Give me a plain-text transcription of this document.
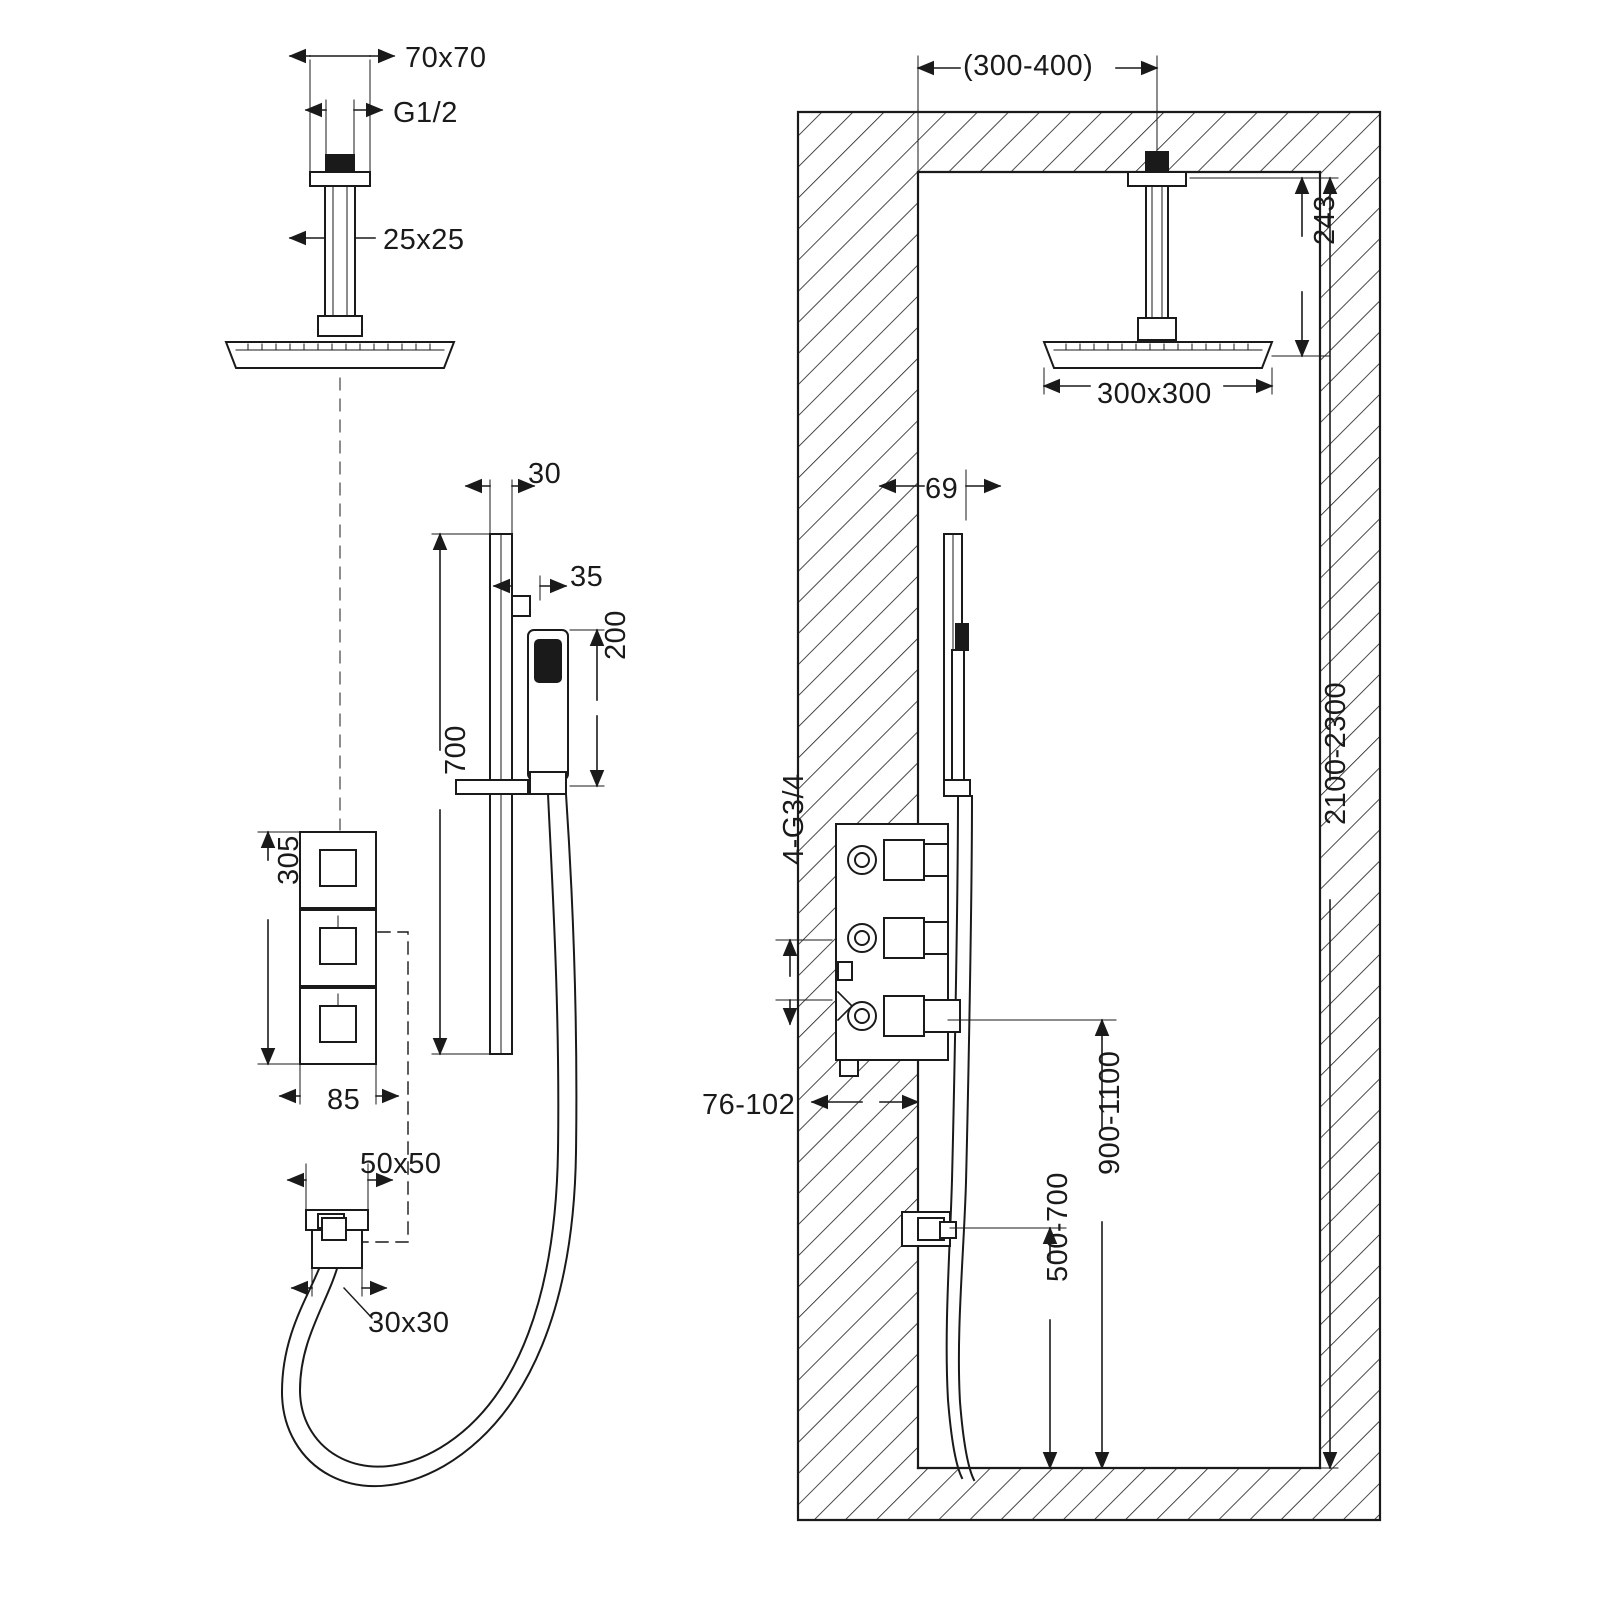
70x70
G1/2
25x25
30
35
200
700
305
85
50x50
30x30
(300-400)
243
300x300
69
4-G3/4
76-102	900-1100
500-700
2100-2300
